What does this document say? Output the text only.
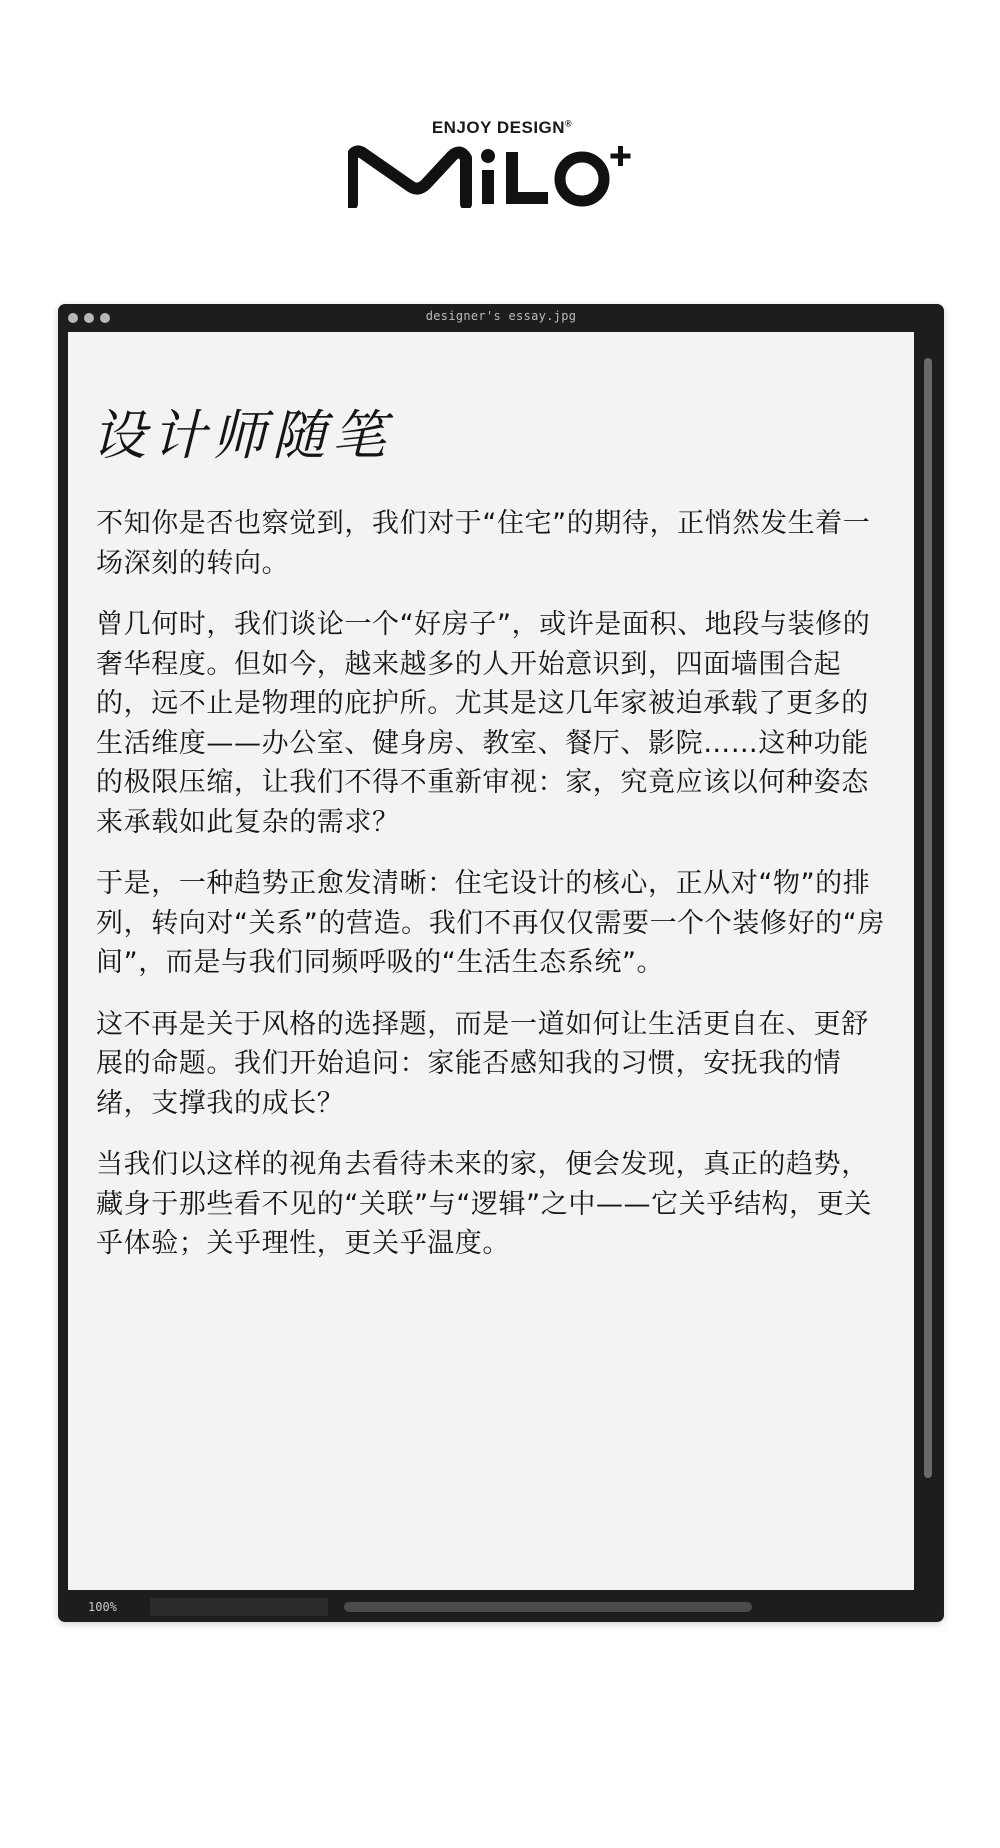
ENJOY DESIGN®
designer's essay.jpg
设计师随笔

不知你是否也察觉到，我们对于“住宅”的期待，正悄然发生着一场深刻的转向。

曾几何时，我们谈论一个“好房子”，或许是面积、地段与装修的奢华程度。但如今，越来越多的人开始意识到，四面墙围合起的，远不止是物理的庇护所。尤其是这几年家被迫承载了更多的生活维度——办公室、健身房、教室、餐厅、影院……这种功能的极限压缩，让我们不得不重新审视：家，究竟应该以何种姿态来承载如此复杂的需求？

于是，一种趋势正愈发清晰：住宅设计的核心，正从对“物”的排列，转向对“关系”的营造。我们不再仅仅需要一个个装修好的“房间”，而是与我们同频呼吸的“生活生态系统”。

这不再是关于风格的选择题，而是一道如何让生活更自在、更舒展的命题。我们开始追问：家能否感知我的习惯，安抚我的情绪，支撑我的成长？

当我们以这样的视角去看待未来的家，便会发现，真正的趋势，藏身于那些看不见的“关联”与“逻辑”之中——它关乎结构，更关乎体验；关乎理性，更关乎温度。

100%
